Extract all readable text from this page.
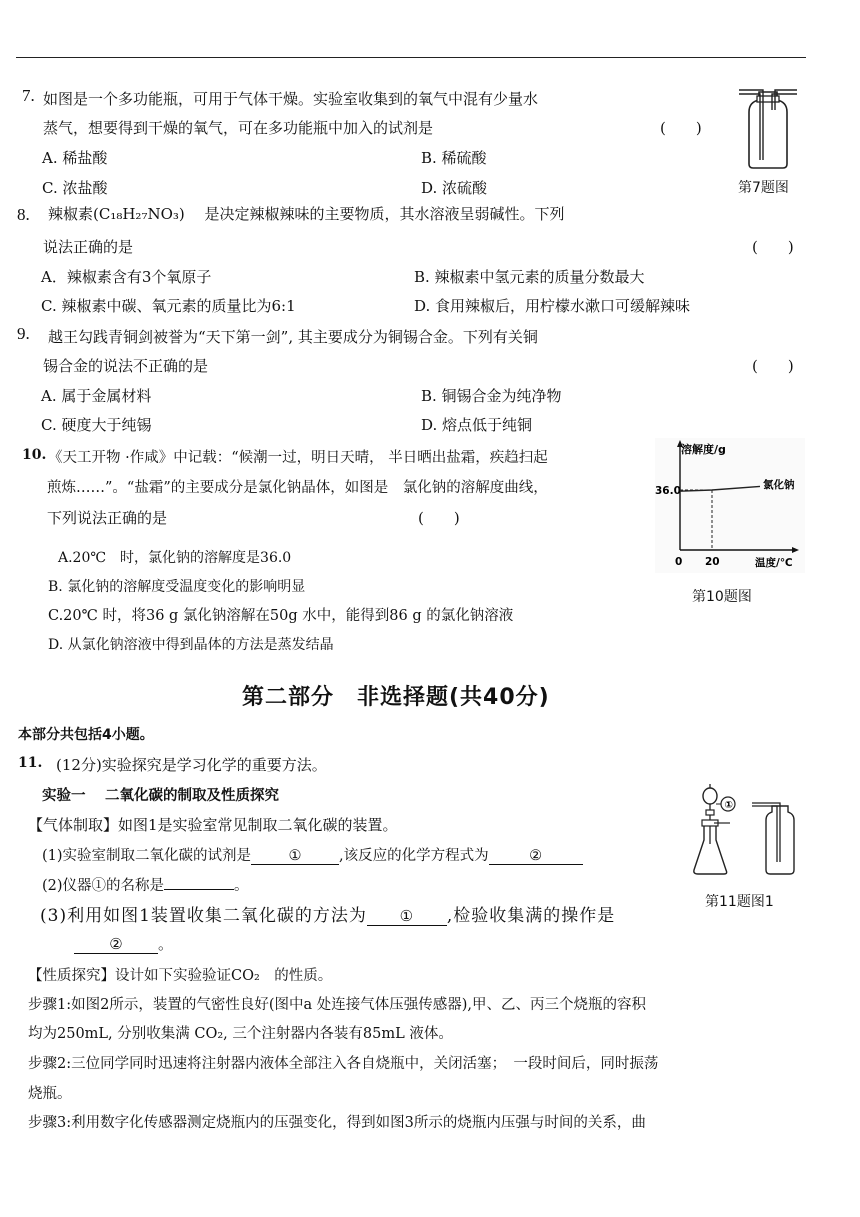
7. 如图是一个多功能瓶，可用于气体干燥。实验室收集到的氧气中混有少量水
蒸气，想要得到干燥的氧气，可在多功能瓶中加入的试剂是	(　　)
A. 稀盐酸	B. 稀硫酸
C. 浓盐酸	D. 浓硫酸	第7题图
8. 辣椒素(C₁₈H₂₇NO₃)　 是决定辣椒辣味的主要物质，其水溶液呈弱碱性。下列
说法正确的是	(　　)
A．辣椒素含有3个氧原子	B. 辣椒素中氢元素的质量分数最大
C. 辣椒素中碳、氧元素的质量比为6:1	D. 食用辣椒后，用柠檬水漱口可缓解辣味
9. 越王勾践青铜剑被誉为“天下第一剑”, 其主要成分为铜锡合金。下列有关铜
锡合金的说法不正确的是	(　　)
A. 属于金属材料	B. 铜锡合金为纯净物
C. 硬度大于纯锡	D. 熔点低于纯铜
10. 《天工开物 ·作咸》中记载：“候潮一过，明日天晴， 半日晒出盐霜，疾趋扫起
煎炼……”。“盐霜”的主要成分是氯化钠晶体，如图是　氯化钠的溶解度曲线，
下列说法正确的是	(　　)
A.20℃　时，氯化钠的溶解度是36.0
B. 氯化钠的溶解度受温度变化的影响明显
C.20℃ 时，将36 g 氯化钠溶解在50g 水中，能得到86 g 的氯化钠溶液
D. 从氯化钠溶液中得到晶体的方法是蒸发结晶
溶解度/g
温度/℃
36.0
0 20
氯化钠
第10题图
第二部分　非选择题(共40分)
本部分共包括4小题。
11. (12分)实验探究是学习化学的重要方法。
实验一　 二氧化碳的制取及性质探究
【气体制取】如图1是实验室常见制取二氧化碳的装置。
(1)实验室制取二氧化碳的试剂是	①	,该反应的化学方程式为	②
(2)仪器①的名称是	。
(3)利用如图1装置收集二氧化碳的方法为 ① ,检验收集满的操作是
② 。
①
第11题图1
【性质探究】设计如下实验验证CO₂　的性质。
步骤1:如图2所示，装置的气密性良好(图中a 处连接气体压强传感器),甲、乙、丙三个烧瓶的容积
均为250mL, 分别收集满 CO₂, 三个注射器内各装有85mL 液体。
步骤2:三位同学同时迅速将注射器内液体全部注入各自烧瓶中，关闭活塞；　一段时间后，同时振荡
烧瓶。
步骤3:利用数字化传感器测定烧瓶内的压强变化，得到如图3所示的烧瓶内压强与时间的关系，曲
